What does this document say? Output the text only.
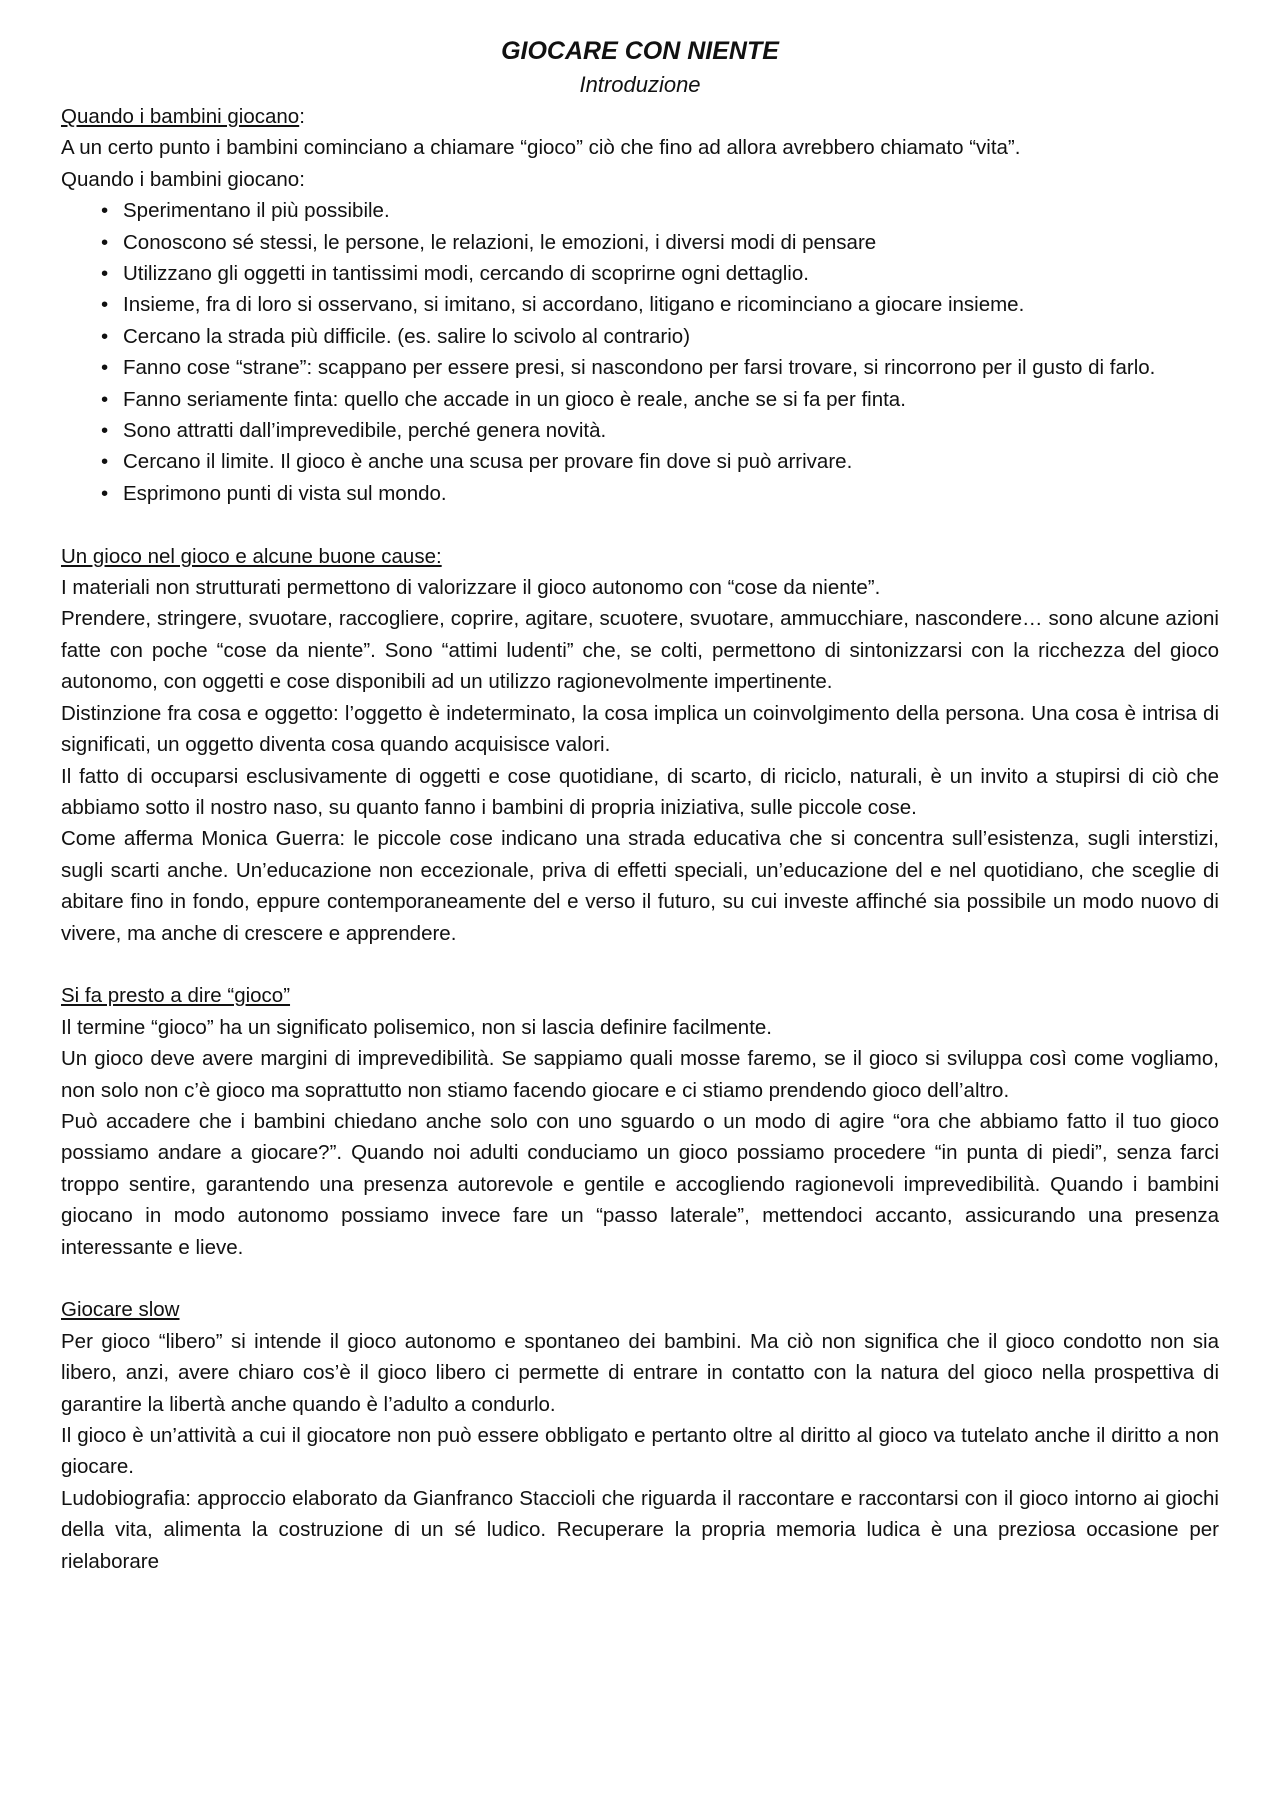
GIOCARE CON NIENTE
Introduzione
Quando i bambini giocano:

A un certo punto i bambini cominciano a chiamare “gioco” ciò che fino ad allora avrebbero chiamato “vita”.

Quando i bambini giocano:

• Sperimentano il più possibile.
• Conoscono sé stessi, le persone, le relazioni, le emozioni, i diversi modi di pensare
• Utilizzano gli oggetti in tantissimi modi, cercando di scoprirne ogni dettaglio.
• Insieme, fra di loro si osservano, si imitano, si accordano, litigano e ricominciano a giocare insieme.
• Cercano la strada più difficile. (es. salire lo scivolo al contrario)
• Fanno cose “strane”: scappano per essere presi, si nascondono per farsi trovare, si rincorrono per il gusto di farlo.
• Fanno seriamente finta: quello che accade in un gioco è reale, anche se si fa per finta.
• Sono attratti dall’imprevedibile, perché genera novità.
• Cercano il limite. Il gioco è anche una scusa per provare fin dove si può arrivare.
• Esprimono punti di vista sul mondo.
Un gioco nel gioco e alcune buone cause:

I materiali non strutturati permettono di valorizzare il gioco autonomo con “cose da niente”.

Prendere, stringere, svuotare, raccogliere, coprire, agitare, scuotere, svuotare, ammucchiare, nascondere… sono alcune azioni fatte con poche “cose da niente”. Sono “attimi ludenti” che, se colti, permettono di sintonizzarsi con la ricchezza del gioco autonomo, con oggetti e cose disponibili ad un utilizzo ragionevolmente impertinente.

Distinzione fra cosa e oggetto: l’oggetto è indeterminato, la cosa implica un coinvolgimento della persona. Una cosa è intrisa di significati, un oggetto diventa cosa quando acquisisce valori.

Il fatto di occuparsi esclusivamente di oggetti e cose quotidiane, di scarto, di riciclo, naturali, è un invito a stupirsi di ciò che abbiamo sotto il nostro naso, su quanto fanno i bambini di propria iniziativa, sulle piccole cose.

Come afferma Monica Guerra: le piccole cose indicano una strada educativa che si concentra sull’esistenza, sugli interstizi, sugli scarti anche. Un’educazione non eccezionale, priva di effetti speciali, un’educazione del e nel quotidiano, che sceglie di abitare fino in fondo, eppure contemporaneamente del e verso il futuro, su cui investe affinché sia possibile un modo nuovo di vivere, ma anche di crescere e apprendere.

Si fa presto a dire “gioco”

Il termine “gioco” ha un significato polisemico, non si lascia definire facilmente.

Un gioco deve avere margini di imprevedibilità. Se sappiamo quali mosse faremo, se il gioco si sviluppa così come vogliamo, non solo non c’è gioco ma soprattutto non stiamo facendo giocare e ci stiamo prendendo gioco dell’altro.

Può accadere che i bambini chiedano anche solo con uno sguardo o un modo di agire “ora che abbiamo fatto il tuo gioco possiamo andare a giocare?”. Quando noi adulti conduciamo un gioco possiamo procedere “in punta di piedi”, senza farci troppo sentire, garantendo una presenza autorevole e gentile e accogliendo ragionevoli imprevedibilità. Quando i bambini giocano in modo autonomo possiamo invece fare un “passo laterale”, mettendoci accanto, assicurando una presenza interessante e lieve.

Giocare slow

Per gioco “libero” si intende il gioco autonomo e spontaneo dei bambini. Ma ciò non significa che il gioco condotto non sia libero, anzi, avere chiaro cos’è il gioco libero ci permette di entrare in contatto con la natura del gioco nella prospettiva di garantire la libertà anche quando è l’adulto a condurlo.

Il gioco è un’attività a cui il giocatore non può essere obbligato e pertanto oltre al diritto al gioco va tutelato anche il diritto a non giocare.

Ludobiografia: approccio elaborato da Gianfranco Staccioli che riguarda il raccontare e raccontarsi con il gioco intorno ai giochi della vita, alimenta la costruzione di un sé ludico. Recuperare la propria memoria ludica è una preziosa occasione per rielaborare
